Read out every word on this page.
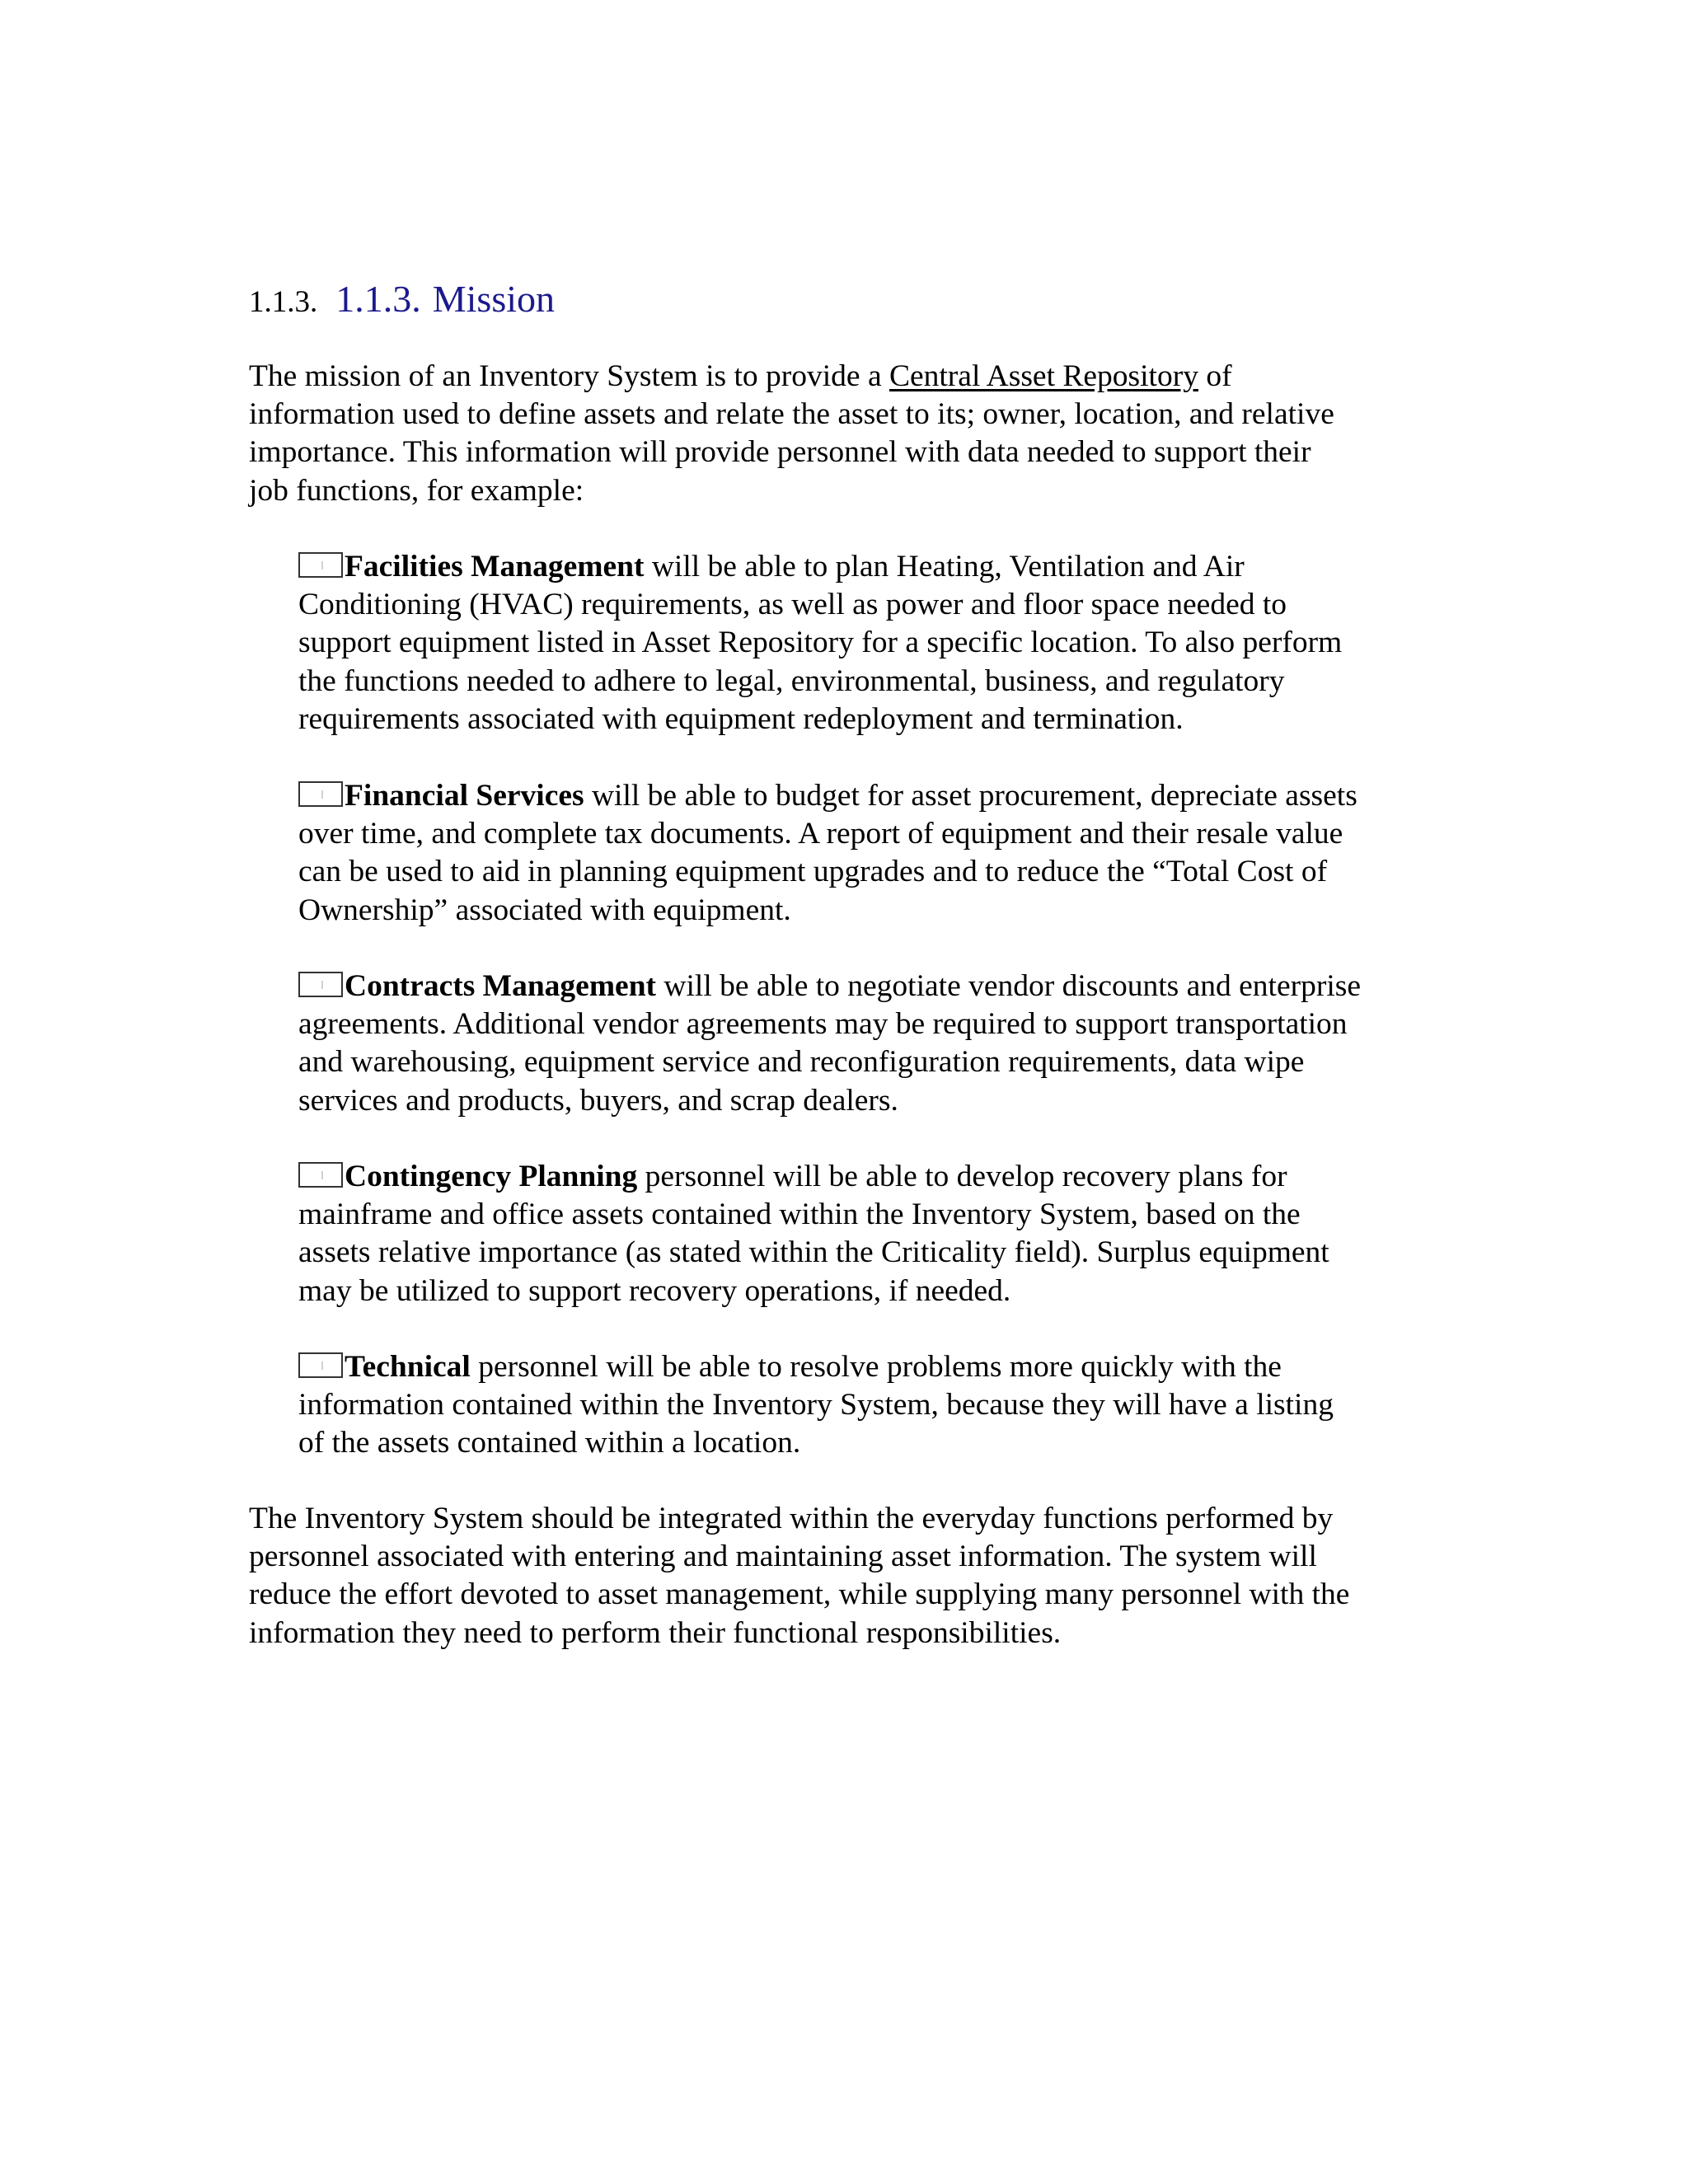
1.1.3. 1.1.3. Mission

The mission of an Inventory System is to provide a Central Asset Repository of
information used to define assets and relate the asset to its; owner, location, and relative
importance. This information will provide personnel with data needed to support their
job functions, for example:

Facilities Management will be able to plan Heating, Ventilation and Air
Conditioning (HVAC) requirements, as well as power and floor space needed to
support equipment listed in Asset Repository for a specific location. To also perform
the functions needed to adhere to legal, environmental, business, and regulatory
requirements associated with equipment redeployment and termination.
Financial Services will be able to budget for asset procurement, depreciate assets
over time, and complete tax documents. A report of equipment and their resale value
can be used to aid in planning equipment upgrades and to reduce the “Total Cost of
Ownership” associated with equipment.
Contracts Management will be able to negotiate vendor discounts and enterprise
agreements. Additional vendor agreements may be required to support transportation
and warehousing, equipment service and reconfiguration requirements, data wipe
services and products, buyers, and scrap dealers.
Contingency Planning personnel will be able to develop recovery plans for
mainframe and office assets contained within the Inventory System, based on the
assets relative importance (as stated within the Criticality field). Surplus equipment
may be utilized to support recovery operations, if needed.
Technical personnel will be able to resolve problems more quickly with the
information contained within the Inventory System, because they will have a listing
of the assets contained within a location.

The Inventory System should be integrated within the everyday functions performed by
personnel associated with entering and maintaining asset information. The system will
reduce the effort devoted to asset management, while supplying many personnel with the
information they need to perform their functional responsibilities.
